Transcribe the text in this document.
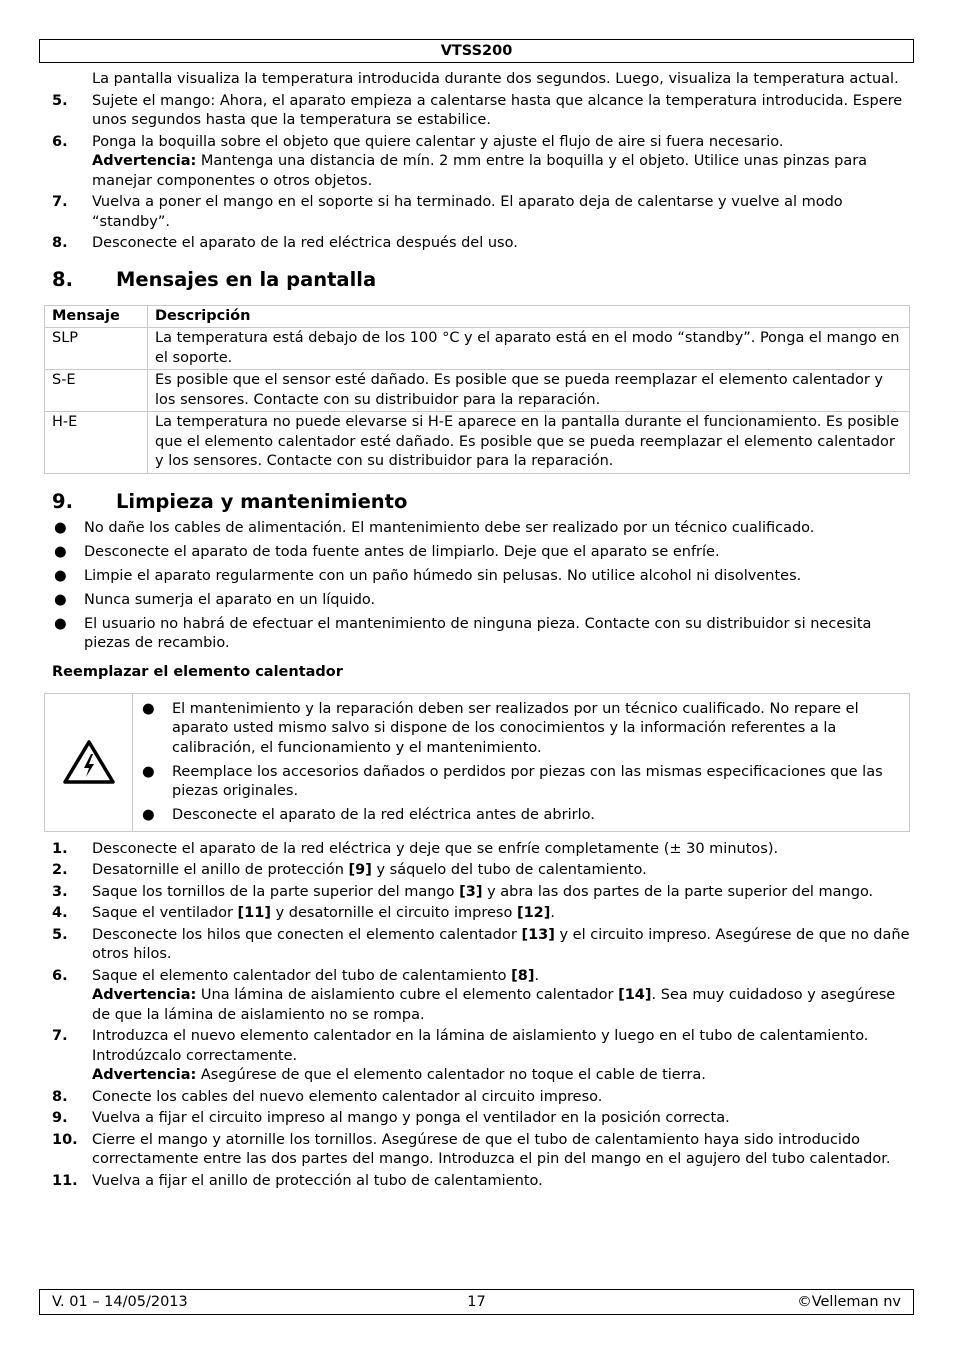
VTSS200

La pantalla visualiza la temperatura introducida durante dos segundos. Luego, visualiza la temperatura actual.

5. Sujete el mango: Ahora, el aparato empieza a calentarse hasta que alcance la temperatura introducida. Espere unos segundos hasta que la temperatura se estabilice.
6. Ponga la boquilla sobre el objeto que quiere calentar y ajuste el flujo de aire si fuera necesario.
Advertencia: Mantenga una distancia de mín. 2 mm entre la boquilla y el objeto. Utilice unas pinzas para manejar componentes o otros objetos.
7. Vuelva a poner el mango en el soporte si ha terminado. El aparato deja de calentarse y vuelve al modo “standby”.
8. Desconecte el aparato de la red eléctrica después del uso.
8. Mensajes en la pantalla
Mensaje	Descripción
SLP	La temperatura está debajo de los 100 °C y el aparato está en el modo “standby”. Ponga el mango en el soporte.
S-E	Es posible que el sensor esté dañado. Es posible que se pueda reemplazar el elemento calentador y los sensores. Contacte con su distribuidor para la reparación.
H-E	La temperatura no puede elevarse si H-E aparece en la pantalla durante el funcionamiento. Es posible que el elemento calentador esté dañado. Es posible que se pueda reemplazar el elemento calentador y los sensores. Contacte con su distribuidor para la reparación.
9. Limpieza y mantenimiento
● No dañe los cables de alimentación. El mantenimiento debe ser realizado por un técnico cualificado.
● Desconecte el aparato de toda fuente antes de limpiarlo. Deje que el aparato se enfríe.
● Limpie el aparato regularmente con un paño húmedo sin pelusas. No utilice alcohol ni disolventes.
● Nunca sumerja el aparato en un líquido.
● El usuario no habrá de efectuar el mantenimiento de ninguna pieza. Contacte con su distribuidor si necesita piezas de recambio.
Reemplazar el elemento calentador
● El mantenimiento y la reparación deben ser realizados por un técnico cualificado. No repare el aparato usted mismo salvo si dispone de los conocimientos y la información referentes a la calibración, el funcionamiento y el mantenimiento.
● Reemplace los accesorios dañados o perdidos por piezas con las mismas especificaciones que las piezas originales.
● Desconecte el aparato de la red eléctrica antes de abrirlo.
1. Desconecte el aparato de la red eléctrica y deje que se enfríe completamente (± 30 minutos).
2. Desatornille el anillo de protección [9] y sáquelo del tubo de calentamiento.
3. Saque los tornillos de la parte superior del mango [3] y abra las dos partes de la parte superior del mango.
4. Saque el ventilador [11] y desatornille el circuito impreso [12].
5. Desconecte los hilos que conecten el elemento calentador [13] y el circuito impreso. Asegúrese de que no dañe otros hilos.
6. Saque el elemento calentador del tubo de calentamiento [8].
Advertencia: Una lámina de aislamiento cubre el elemento calentador [14]. Sea muy cuidadoso y asegúrese de que la lámina de aislamiento no se rompa.
7. Introduzca el nuevo elemento calentador en la lámina de aislamiento y luego en el tubo de calentamiento. Introdúzcalo correctamente.
Advertencia: Asegúrese de que el elemento calentador no toque el cable de tierra.
8. Conecte los cables del nuevo elemento calentador al circuito impreso.
9. Vuelva a fijar el circuito impreso al mango y ponga el ventilador en la posición correcta.
10. Cierre el mango y atornille los tornillos. Asegúrese de que el tubo de calentamiento haya sido introducido correctamente entre las dos partes del mango. Introduzca el pin del mango en el agujero del tubo calentador.
11. Vuelva a fijar el anillo de protección al tubo de calentamiento.
V. 01 – 14/05/2013	17	©Velleman nv
